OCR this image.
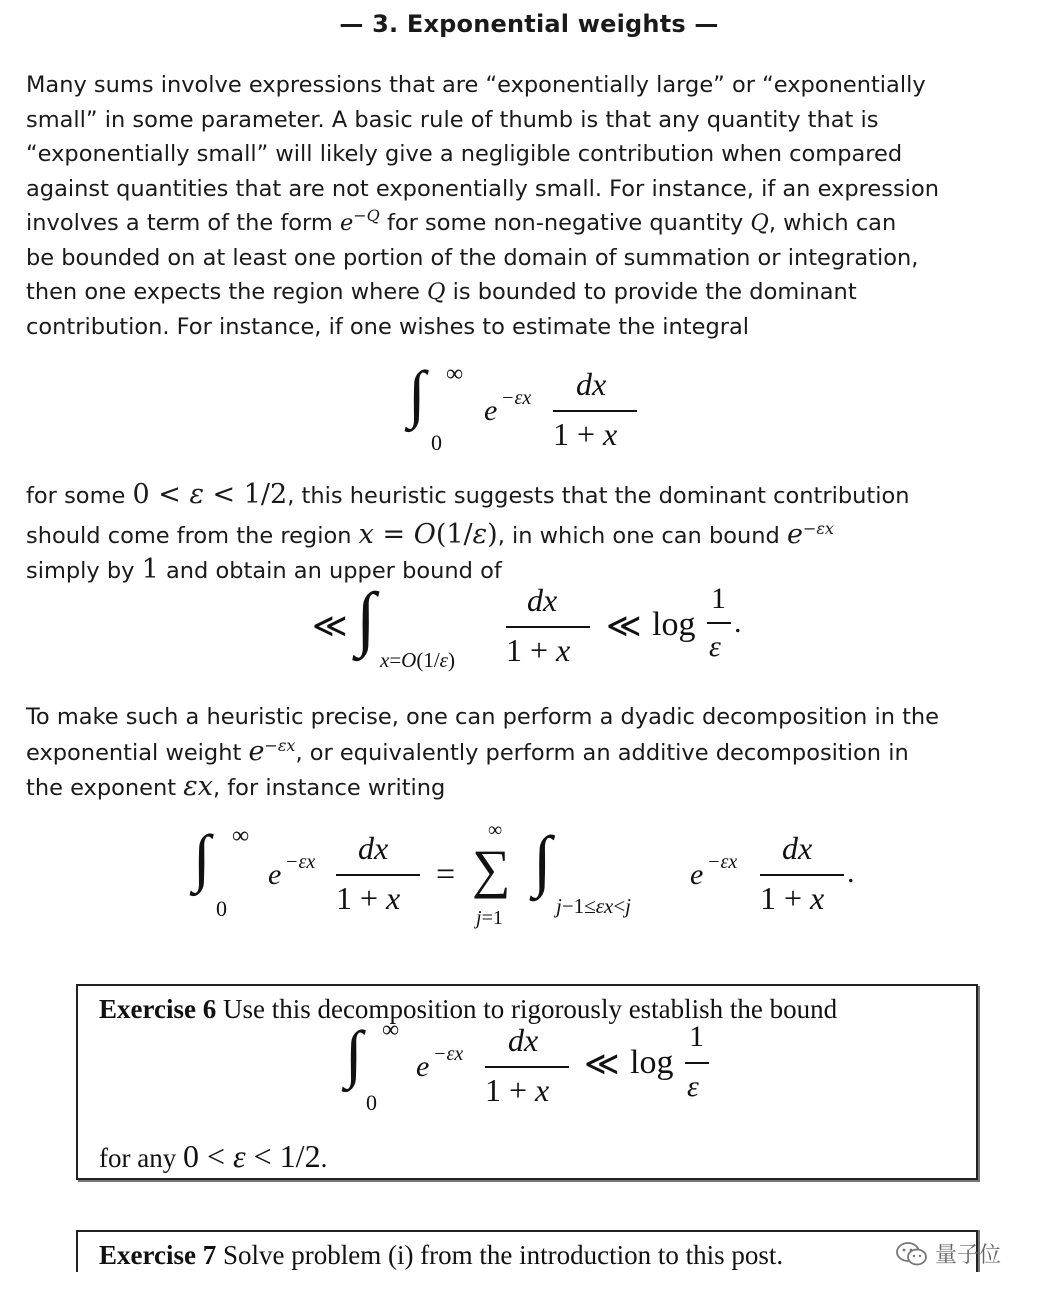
— 3. Exponential weights —
Many sums involve expressions that are “exponentially large” or “exponentially
small” in some parameter. A basic rule of thumb is that any quantity that is
“exponentially small” will likely give a negligible contribution when compared
against quantities that are not exponentially small. For instance, if an expression
involves a term of the form $e^{-Q}$ for some non-negative quantity Q, which can
be bounded on at least one portion of the domain of summation or integration,
then one expects the region where Q is bounded to provide the dominant
contribution. For instance, if one wishes to estimate the integral
∫ ∞
0
e −εx dx
1 + x
for some 0 < ε < 1/2, this heuristic suggests that the dominant contribution
should come from the region x = O(1/ε), in which one can bound $e^{-\varepsilon x}$
simply by 1 and obtain an upper bound of
≪ ∫
x=O(1/ε)
dx
1 + x
≪ log
1
ε
.
To make such a heuristic precise, one can perform a dyadic decomposition in the
exponential weight $e^{-\varepsilon x}$, or equivalently perform an additive decomposition in
the exponent εx, for instance writing
∫ ∞
0
e −εx dx
1 + x
=
∞
∑
j=1
∫
j−1≤εx<j
e −εx dx
1 + x
.
Exercise 6 Use this decomposition to rigorously establish the bound
∫ ∞
0
e −εx dx
1 + x
≪ log
1
ε
for any 0 < ε < 1/2.
Exercise 7 Solve problem (i) from the introduction to this post.	量子位
